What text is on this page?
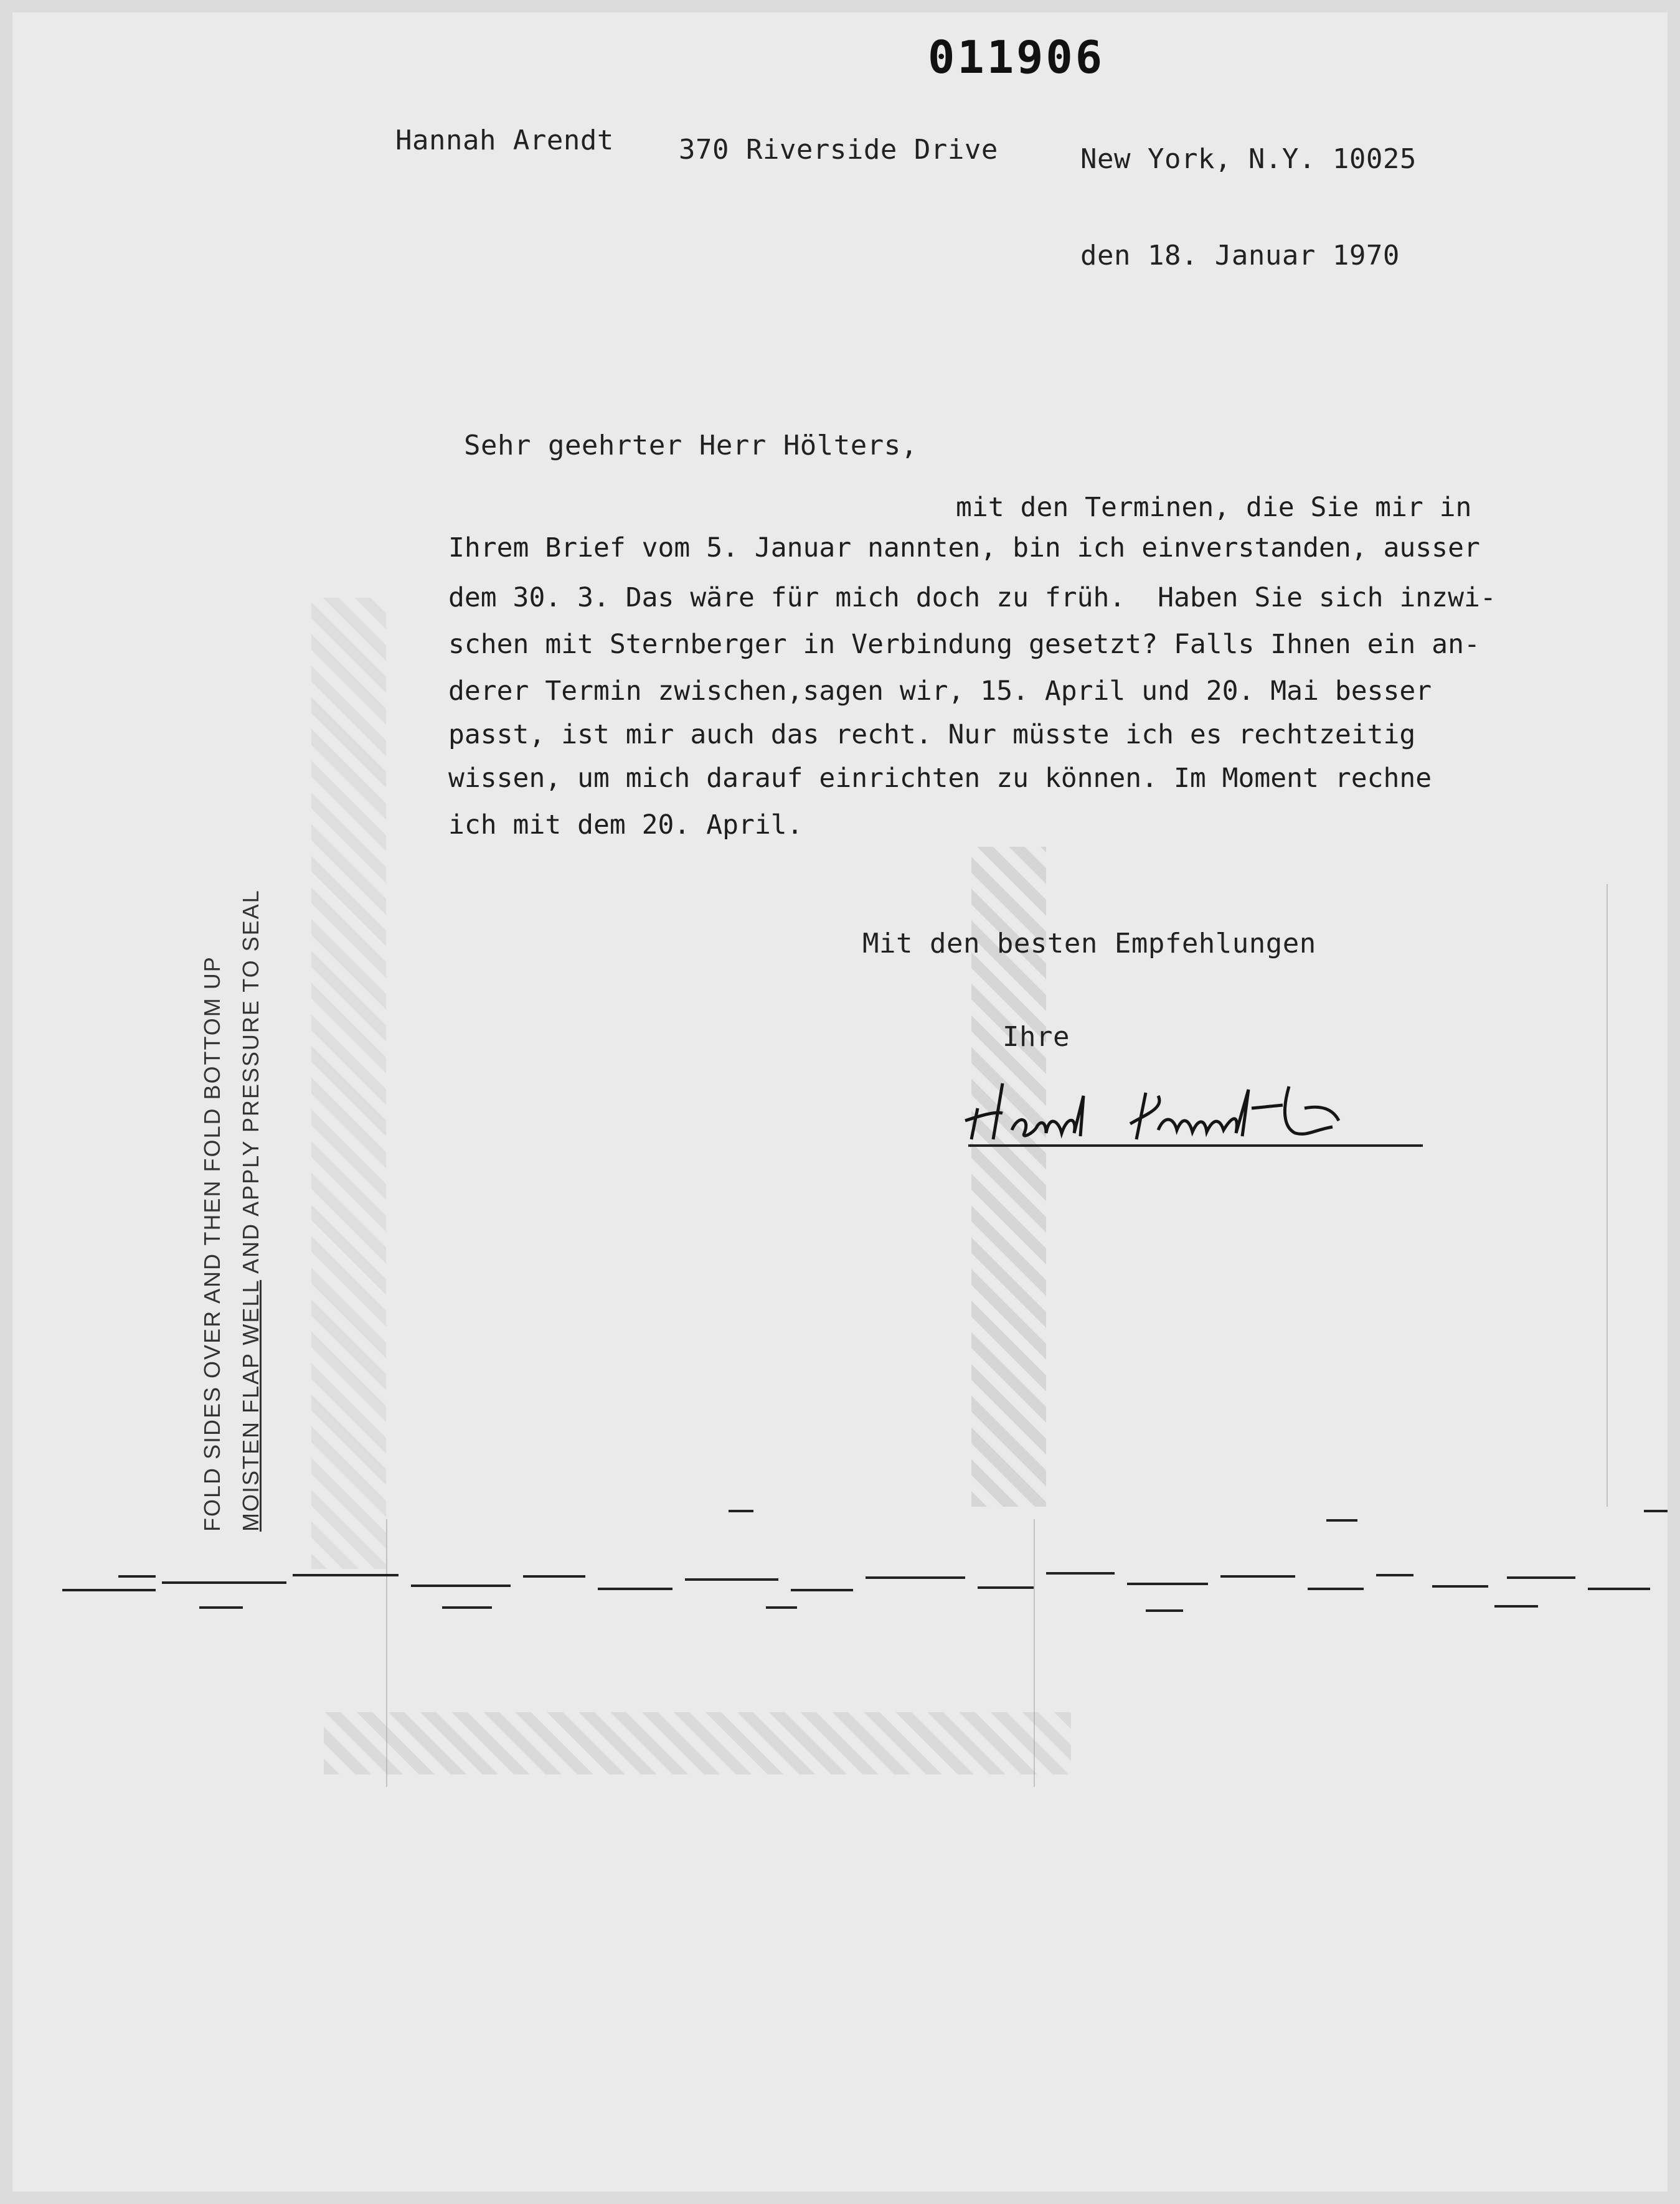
011906
Hannah Arendt 370 Riverside Drive	New York, N.Y. 10025
den 18. Januar 1970
Sehr geehrter Herr Hölters,
mit den Terminen, die Sie mir in
Ihrem Brief vom 5. Januar nannten, bin ich einverstanden, ausser
dem 30. 3. Das wäre für mich doch zu früh.  Haben Sie sich inzwi-
schen mit Sternberger in Verbindung gesetzt? Falls Ihnen ein an-
derer Termin zwischen,sagen wir, 15. April und 20. Mai besser
passt, ist mir auch das recht. Nur müsste ich es rechtzeitig
wissen, um mich darauf einrichten zu können. Im Moment rechne
ich mit dem 20. April.
Mit den besten Empfehlungen
Ihre
FOLD SIDES OVER AND THEN FOLD BOTTOM UP MOISTEN FLAP WELL AND APPLY PRESSURE TO SEAL
